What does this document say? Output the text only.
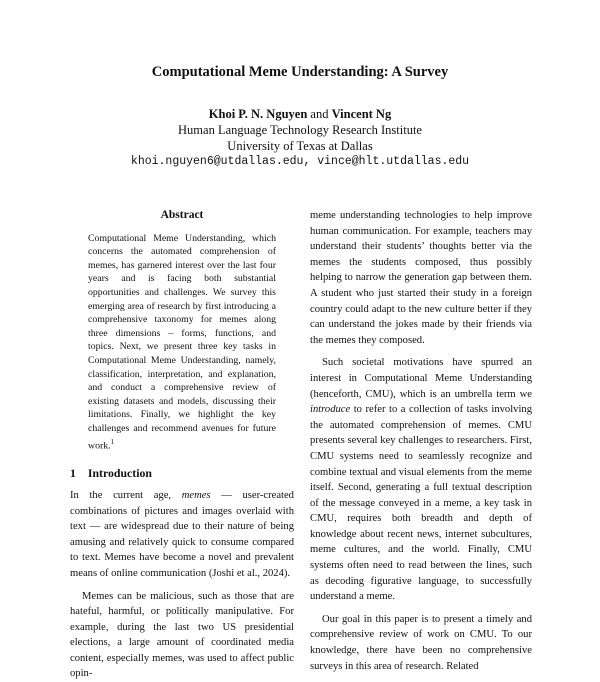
Computational Meme Understanding: A Survey
Khoi P. N. Nguyen and Vincent Ng
Human Language Technology Research Institute
University of Texas at Dallas
khoi.nguyen6@utdallas.edu, vince@hlt.utdallas.edu
Abstract
Computational Meme Understanding, which concerns the automated comprehension of memes, has garnered interest over the last four years and is facing both substantial opportunities and challenges. We survey this emerging area of research by first introducing a comprehensive taxonomy for memes along three dimensions – forms, functions, and topics. Next, we present three key tasks in Computational Meme Understanding, namely, classification, interpretation, and explanation, and conduct a comprehensive review of existing datasets and models, discussing their limitations. Finally, we highlight the key challenges and recommend avenues for future work.$^1$
1 Introduction

In the current age, memes — user-created combinations of pictures and images overlaid with text — are widespread due to their nature of being amusing and relatively quick to consume compared to text. Memes have become a novel and prevalent means of online communication (Joshi et al., 2024).

Memes can be malicious, such as those that are hateful, harmful, or politically manipulative. For example, during the last two US presidential elections, a large amount of coordinated media content, especially memes, was used to affect public opin-

meme understanding technologies to help improve human communication. For example, teachers may understand their students’ thoughts better via the memes the students composed, thus possibly helping to narrow the generation gap between them. A student who just started their study in a foreign country could adapt to the new culture better if they can understand the jokes made by their friends via the memes they composed.

Such societal motivations have spurred an interest in Computational Meme Understanding (henceforth, CMU), which is an umbrella term we introduce to refer to a collection of tasks involving the automated comprehension of memes. CMU presents several key challenges to researchers. First, CMU systems need to seamlessly recognize and combine textual and visual elements from the meme itself. Second, generating a full textual description of the message conveyed in a meme, a key task in CMU, requires both breadth and depth of knowledge about recent news, internet subcultures, meme cultures, and the world. Finally, CMU systems often need to read between the lines, such as decoding figurative language, to successfully understand a meme.

Our goal in this paper is to present a timely and comprehensive review of work on CMU. To our knowledge, there have been no comprehensive surveys in this area of research. Related
